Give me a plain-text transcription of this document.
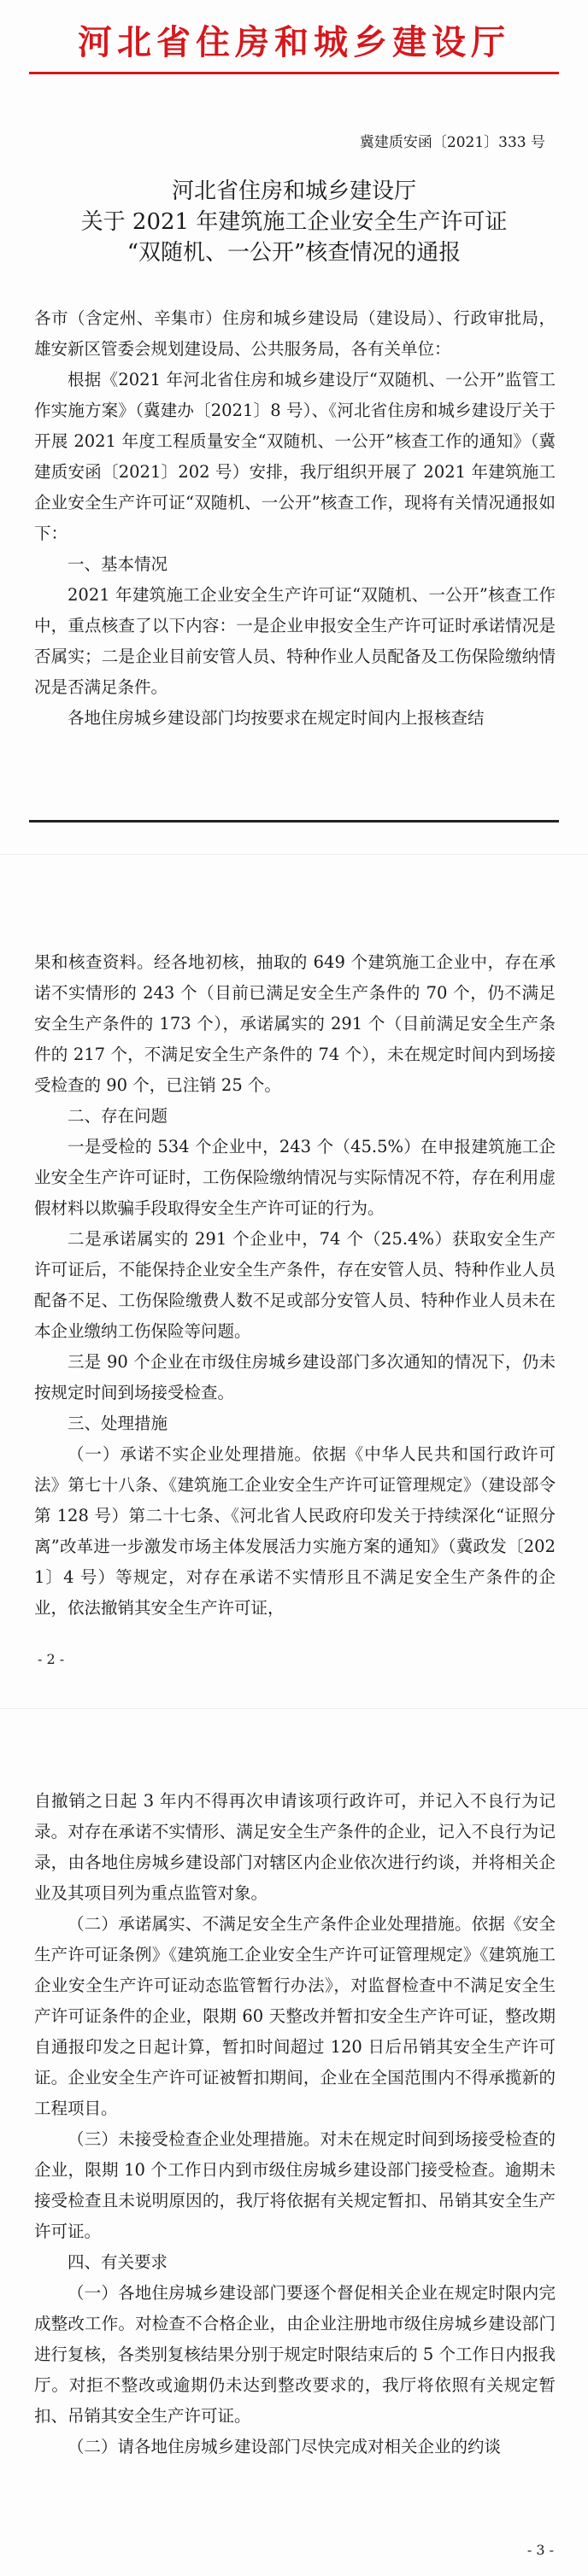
河北省住房和城乡建设厅
冀建质安函〔2021〕333 号
河北省住房和城乡建设厅
关于 2021 年建筑施工企业安全生产许可证
“双随机、一公开”核查情况的通报

各市（含定州、辛集市）住房和城乡建设局（建设局）、行政审批局，雄安新区管委会规划建设局、公共服务局，各有关单位：

根据《2021 年河北省住房和城乡建设厅“双随机、一公开”监管工作实施方案》（冀建办〔2021〕8 号）、《河北省住房和城乡建设厅关于开展 2021 年度工程质量安全“双随机、一公开”核查工作的通知》（冀建质安函〔2021〕202 号）安排，我厅组织开展了 2021 年建筑施工企业安全生产许可证“双随机、一公开”核查工作，现将有关情况通报如下：

一、基本情况

2021 年建筑施工企业安全生产许可证“双随机、一公开”核查工作中，重点核查了以下内容：一是企业申报安全生产许可证时承诺情况是否属实；二是企业目前安管人员、特种作业人员配备及工伤保险缴纳情况是否满足条件。

各地住房城乡建设部门均按要求在规定时间内上报核查结

果和核查资料。经各地初核，抽取的 649 个建筑施工企业中，存在承诺不实情形的 243 个（目前已满足安全生产条件的 70 个，仍不满足安全生产条件的 173 个），承诺属实的 291 个（目前满足安全生产条件的 217 个，不满足安全生产条件的 74 个），未在规定时间内到场接受检查的 90 个，已注销 25 个。

二、存在问题

一是受检的 534 个企业中，243 个（45.5%）在申报建筑施工企业安全生产许可证时，工伤保险缴纳情况与实际情况不符，存在利用虚假材料以欺骗手段取得安全生产许可证的行为。

二是承诺属实的 291 个企业中，74 个（25.4%）获取安全生产许可证后，不能保持企业安全生产条件，存在安管人员、特种作业人员配备不足、工伤保险缴费人数不足或部分安管人员、特种作业人员未在本企业缴纳工伤保险等问题。

三是 90 个企业在市级住房城乡建设部门多次通知的情况下，仍未按规定时间到场接受检查。

三、处理措施

（一）承诺不实企业处理措施。依据《中华人民共和国行政许可法》第七十八条、《建筑施工企业安全生产许可证管理规定》（建设部令第 128 号）第二十七条、《河北省人民政府印发关于持续深化“证照分离”改革进一步激发市场主体发展活力实施方案的通知》（冀政发〔2021〕4 号）等规定，对存在承诺不实情形且不满足安全生产条件的企业，依法撤销其安全生产许可证，

- 2 -

自撤销之日起 3 年内不得再次申请该项行政许可，并记入不良行为记录。对存在承诺不实情形、满足安全生产条件的企业，记入不良行为记录，由各地住房城乡建设部门对辖区内企业依次进行约谈，并将相关企业及其项目列为重点监管对象。

（二）承诺属实、不满足安全生产条件企业处理措施。依据《安全生产许可证条例》《建筑施工企业安全生产许可证管理规定》《建筑施工企业安全生产许可证动态监管暂行办法》，对监督检查中不满足安全生产许可证条件的企业，限期 60 天整改并暂扣安全生产许可证，整改期自通报印发之日起计算，暂扣时间超过 120 日后吊销其安全生产许可证。企业安全生产许可证被暂扣期间，企业在全国范围内不得承揽新的工程项目。

（三）未接受检查企业处理措施。对未在规定时间到场接受检查的企业，限期 10 个工作日内到市级住房城乡建设部门接受检查。逾期未接受检查且未说明原因的，我厅将依据有关规定暂扣、吊销其安全生产许可证。

四、有关要求

（一）各地住房城乡建设部门要逐个督促相关企业在规定时限内完成整改工作。对检查不合格企业，由企业注册地市级住房城乡建设部门进行复核，各类别复核结果分别于规定时限结束后的 5 个工作日内报我厅。对拒不整改或逾期仍未达到整改要求的，我厅将依照有关规定暂扣、吊销其安全生产许可证。

（二）请各地住房城乡建设部门尽快完成对相关企业的约谈

- 3 -
